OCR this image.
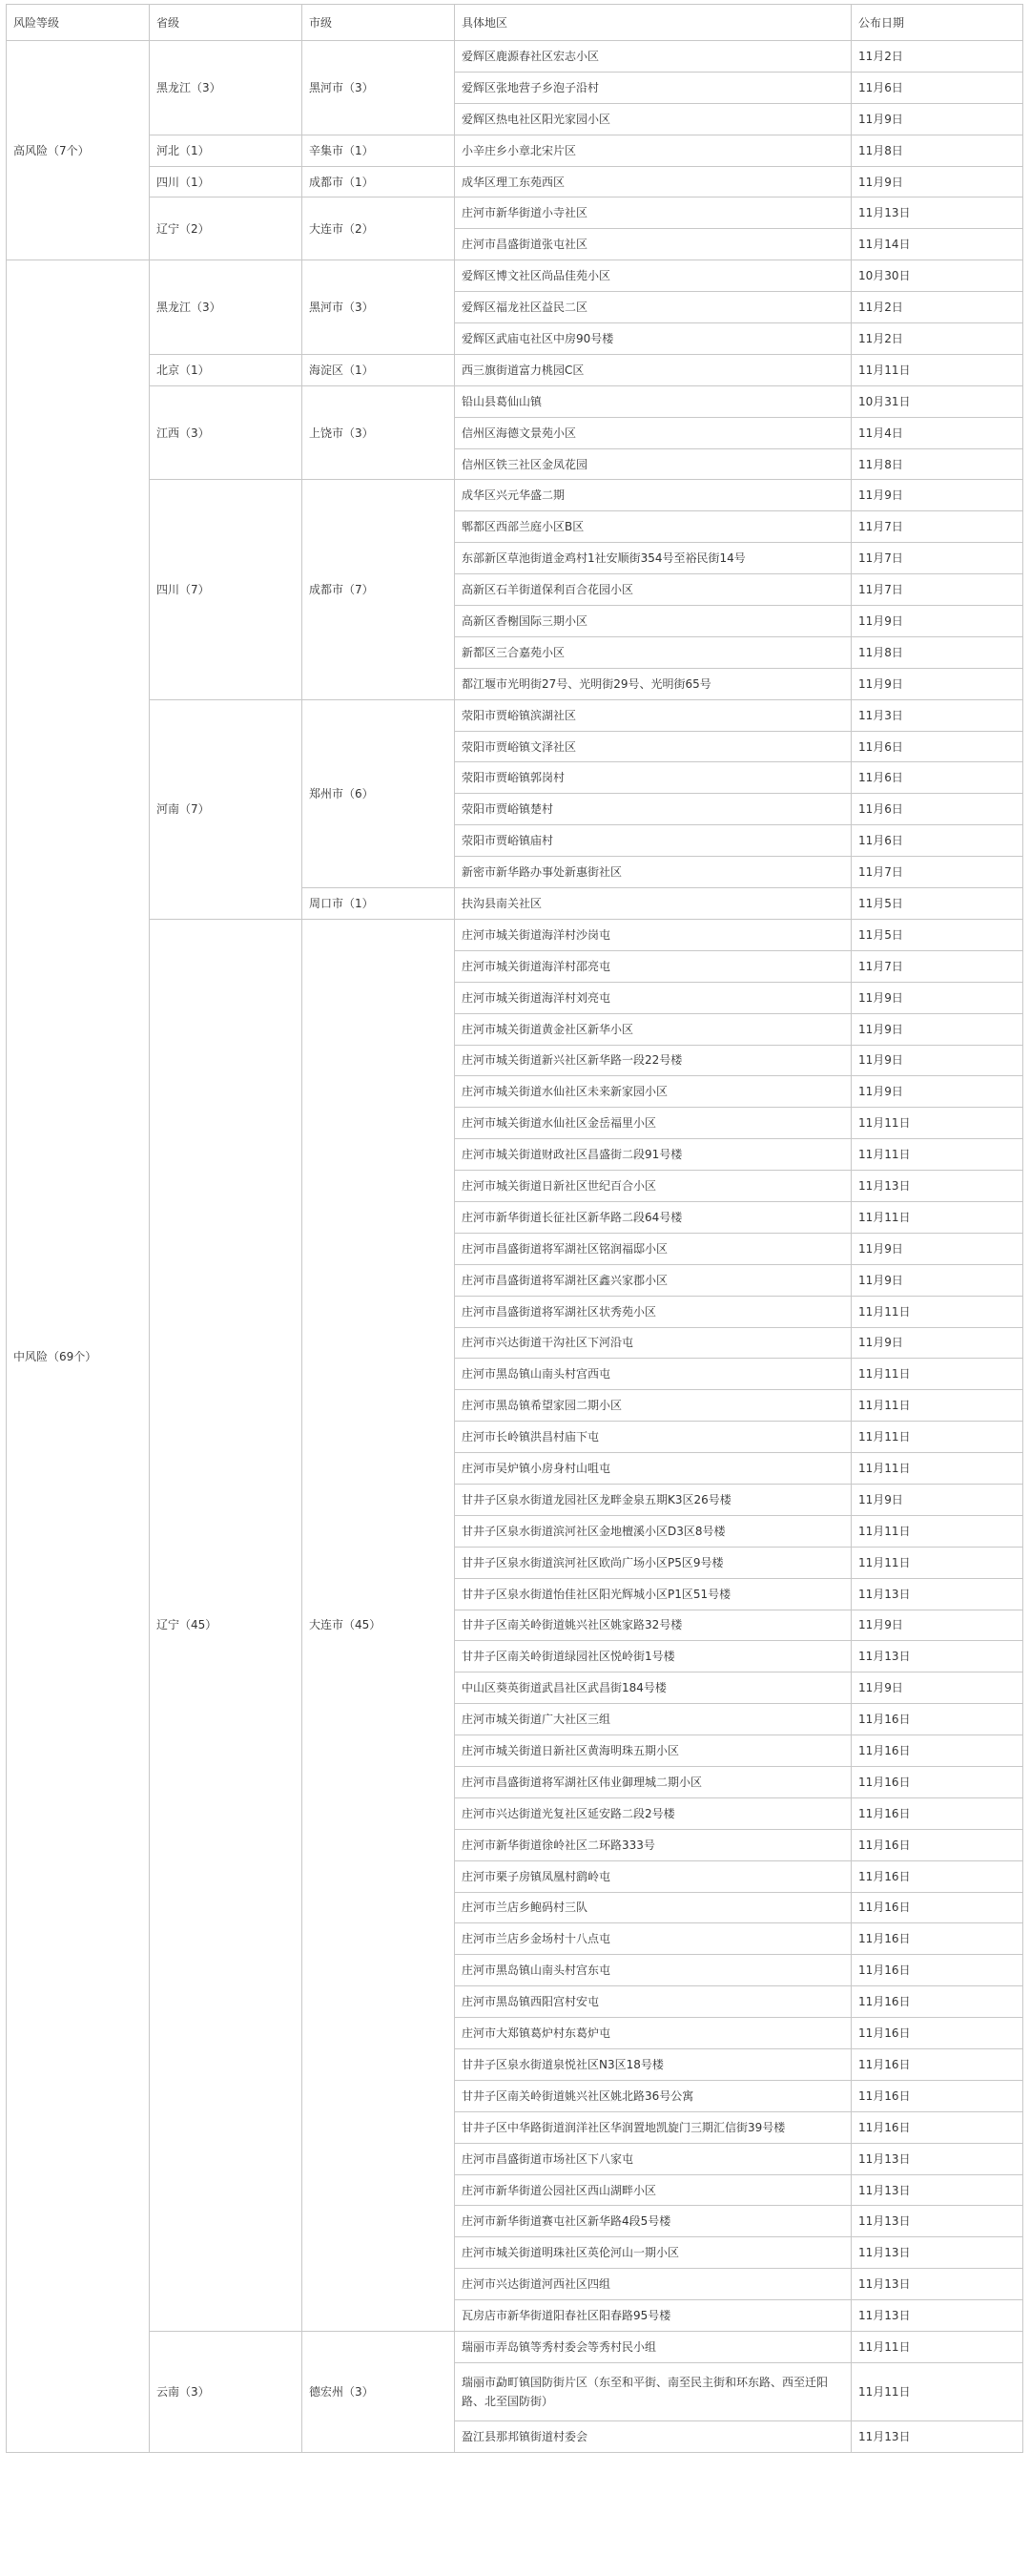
风险等级	省级	市级	具体地区	公布日期
高风险（7个）	黑龙江（3）	黑河市（3）	爱辉区鹿源春社区宏志小区	11月2日
			爱辉区张地营子乡泡子沿村	11月6日
			爱辉区热电社区阳光家园小区	11月9日
	河北（1）	辛集市（1）	小辛庄乡小章北宋片区	11月8日
	四川（1）	成都市（1）	成华区理工东苑西区	11月9日
	辽宁（2）	大连市（2）	庄河市新华街道小寺社区	11月13日
			庄河市昌盛街道张屯社区	11月14日
中风险（69个）	黑龙江（3）	黑河市（3）	爱辉区博文社区尚品佳苑小区	10月30日
			爱辉区福龙社区益民二区	11月2日
			爱辉区武庙屯社区中房90号楼	11月2日
	北京（1）	海淀区（1）	西三旗街道富力桃园C区	11月11日
	江西（3）	上饶市（3）	铅山县葛仙山镇	10月31日
			信州区海德文景苑小区	11月4日
			信州区铁三社区金凤花园	11月8日
	四川（7）	成都市（7）	成华区兴元华盛二期	11月9日
			郫都区西部兰庭小区B区	11月7日
			东部新区草池街道金鸡村1社安顺街354号至裕民街14号	11月7日
			高新区石羊街道保利百合花园小区	11月7日
			高新区香榭国际三期小区	11月9日
			新都区三合嘉苑小区	11月8日
			都江堰市光明街27号、光明街29号、光明街65号	11月9日
	河南（7）	郑州市（6）	荥阳市贾峪镇滨湖社区	11月3日
			荥阳市贾峪镇文泽社区	11月6日
			荥阳市贾峪镇郭岗村	11月6日
			荥阳市贾峪镇楚村	11月6日
			荥阳市贾峪镇庙村	11月6日
			新密市新华路办事处新惠街社区	11月7日
		周口市（1）	扶沟县南关社区	11月5日
	辽宁（45）	大连市（45）	庄河市城关街道海洋村沙岗屯	11月5日
			庄河市城关街道海洋村邵亮屯	11月7日
			庄河市城关街道海洋村刘亮屯	11月9日
			庄河市城关街道黄金社区新华小区	11月9日
			庄河市城关街道新兴社区新华路一段22号楼	11月9日
			庄河市城关街道水仙社区未来新家园小区	11月9日
			庄河市城关街道水仙社区金岳福里小区	11月11日
			庄河市城关街道财政社区昌盛街二段91号楼	11月11日
			庄河市城关街道日新社区世纪百合小区	11月13日
			庄河市新华街道长征社区新华路二段64号楼	11月11日
			庄河市昌盛街道将军湖社区铭润福邸小区	11月9日
			庄河市昌盛街道将军湖社区鑫兴家郡小区	11月9日
			庄河市昌盛街道将军湖社区状秀苑小区	11月11日
			庄河市兴达街道干沟社区下河沿屯	11月9日
			庄河市黑岛镇山南头村宫西屯	11月11日
			庄河市黑岛镇希望家园二期小区	11月11日
			庄河市长岭镇洪昌村庙下屯	11月11日
			庄河市吴炉镇小房身村山咀屯	11月11日
			甘井子区泉水街道龙园社区龙畔金泉五期K3区26号楼	11月9日
			甘井子区泉水街道滨河社区金地檀溪小区D3区8号楼	11月11日
			甘井子区泉水街道滨河社区欧尚广场小区P5区9号楼	11月11日
			甘井子区泉水街道怡佳社区阳光辉城小区P1区51号楼	11月13日
			甘井子区南关岭街道姚兴社区姚家路32号楼	11月9日
			甘井子区南关岭街道绿园社区悦岭街1号楼	11月13日
			中山区葵英街道武昌社区武昌街184号楼	11月9日
			庄河市城关街道广大社区三组	11月16日
			庄河市城关街道日新社区黄海明珠五期小区	11月16日
			庄河市昌盛街道将军湖社区伟业御理城二期小区	11月16日
			庄河市兴达街道光复社区延安路二段2号楼	11月16日
			庄河市新华街道徐岭社区二环路333号	11月16日
			庄河市栗子房镇凤凰村鹞岭屯	11月16日
			庄河市兰店乡鲍码村三队	11月16日
			庄河市兰店乡金场村十八点屯	11月16日
			庄河市黑岛镇山南头村宫东屯	11月16日
			庄河市黑岛镇西阳宫村安屯	11月16日
			庄河市大郑镇葛炉村东葛炉屯	11月16日
			甘井子区泉水街道泉悦社区N3区18号楼	11月16日
			甘井子区南关岭街道姚兴社区姚北路36号公寓	11月16日
			甘井子区中华路街道润洋社区华润置地凯旋门三期汇信街39号楼	11月16日
			庄河市昌盛街道市场社区下八家屯	11月13日
			庄河市新华街道公园社区西山湖畔小区	11月13日
			庄河市新华街道赛屯社区新华路4段5号楼	11月13日
			庄河市城关街道明珠社区英伦河山一期小区	11月13日
			庄河市兴达街道河西社区四组	11月13日
			瓦房店市新华街道阳春社区阳春路95号楼	11月13日
	云南（3）	德宏州（3）	瑞丽市弄岛镇等秀村委会等秀村民小组	11月11日
			瑞丽市勐町镇国防街片区（东至和平街、南至民主街和环东路、西至迁阳路、北至国防街）	11月11日
			盈江县那邦镇街道村委会	11月13日
